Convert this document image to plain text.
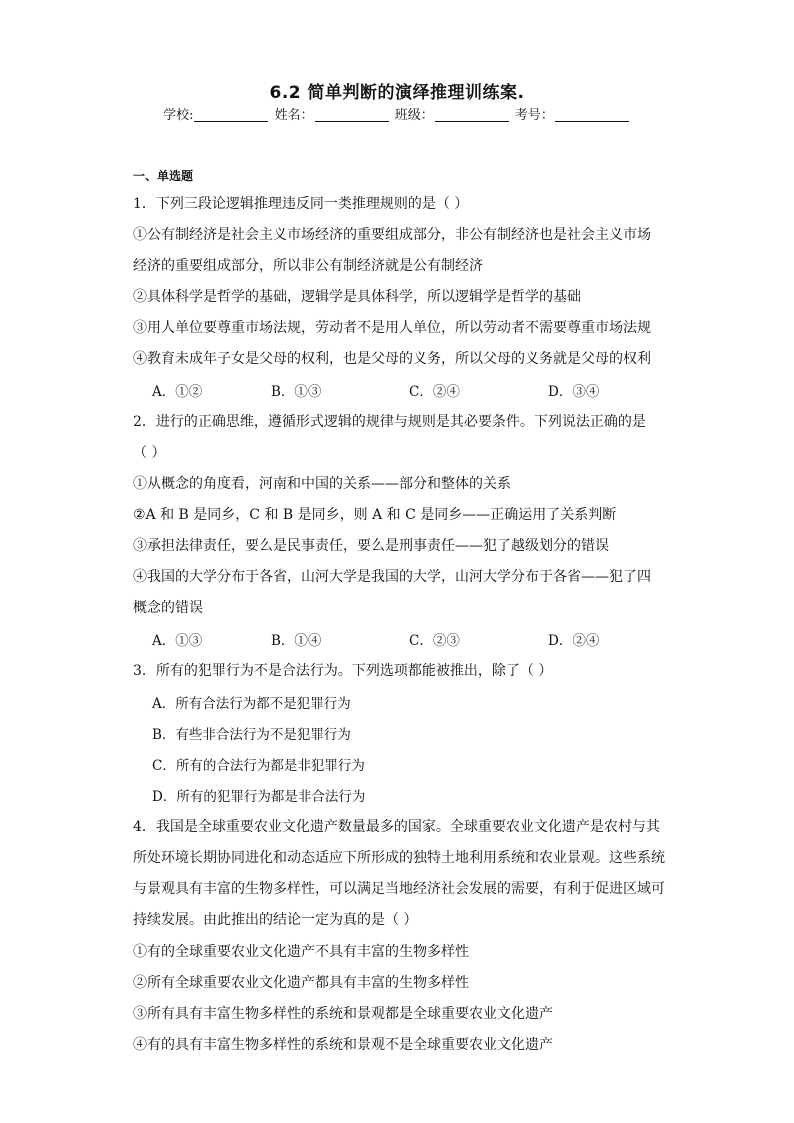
6.2 简单判断的演绎推理训练案.
学校:	姓名：	班级：	考号：
一、单选题
1．下列三段论逻辑推理违反同一类推理规则的是（ ）
①公有制经济是社会主义市场经济的重要组成部分，非公有制经济也是社会主义市场
经济的重要组成部分，所以非公有制经济就是公有制经济
②具体科学是哲学的基础，逻辑学是具体科学，所以逻辑学是哲学的基础
③用人单位要尊重市场法规，劳动者不是用人单位，所以劳动者不需要尊重市场法规
④教育未成年子女是父母的权利，也是父母的义务，所以父母的义务就是父母的权利
A．①②	B．①③	C．②④	D．③④
2．进行的正确思维，遵循形式逻辑的规律与规则是其必要条件。下列说法正确的是
（ ）
①从概念的角度看，河南和中国的关系——部分和整体的关系
②A 和 B 是同乡，C 和 B 是同乡，则 A 和 C 是同乡——正确运用了关系判断
③承担法律责任，要么是民事责任，要么是刑事责任——犯了越级划分的错误
④我国的大学分布于各省，山河大学是我国的大学，山河大学分布于各省——犯了四
概念的错误
A．①③	B．①④	C．②③	D．②④
3．所有的犯罪行为不是合法行为。下列选项都能被推出，除了（ ）
A．所有合法行为都不是犯罪行为
B．有些非合法行为不是犯罪行为
C．所有的合法行为都是非犯罪行为
D．所有的犯罪行为都是非合法行为
4．我国是全球重要农业文化遗产数量最多的国家。全球重要农业文化遗产是农村与其
所处环境长期协同进化和动态适应下所形成的独特土地利用系统和农业景观。这些系统
与景观具有丰富的生物多样性，可以满足当地经济社会发展的需要，有利于促进区域可
持续发展。由此推出的结论一定为真的是（ ）
①有的全球重要农业文化遗产不具有丰富的生物多样性
②所有全球重要农业文化遗产都具有丰富的生物多样性
③所有具有丰富生物多样性的系统和景观都是全球重要农业文化遗产
④有的具有丰富生物多样性的系统和景观不是全球重要农业文化遗产
